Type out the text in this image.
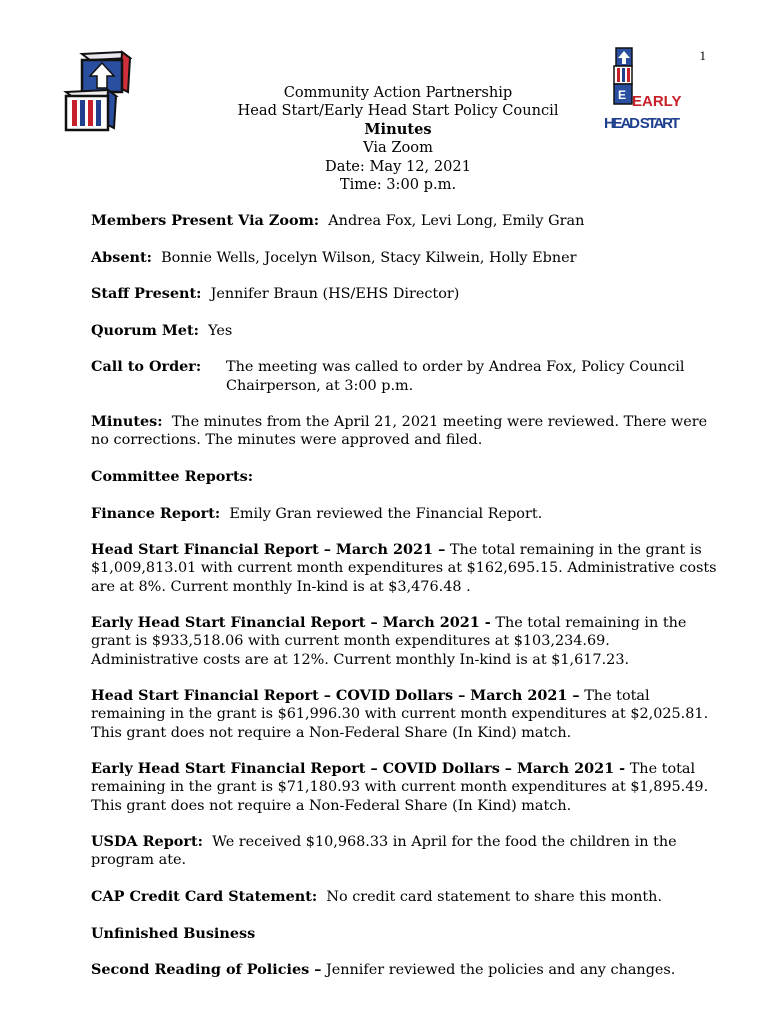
1
E EARLY
HEAD START
Community Action Partnership
Head Start/Early Head Start Policy Council
Minutes
Via Zoom
Date: May 12, 2021
Time: 3:00 p.m.

Members Present Via Zoom: Andrea Fox, Levi Long, Emily Gran

Absent: Bonnie Wells, Jocelyn Wilson, Stacy Kilwein, Holly Ebner

Staff Present: Jennifer Braun (HS/EHS Director)

Quorum Met: Yes

Call to Order:	The meeting was called to order by Andrea Fox, Policy Council Chairperson, at 3:00 p.m.

Minutes: The minutes from the April 21, 2021 meeting were reviewed. There were no corrections. The minutes were approved and filed.

Committee Reports:

Finance Report: Emily Gran reviewed the Financial Report.

Head Start Financial Report – March 2021 – The total remaining in the grant is $1,009,813.01 with current month expenditures at $162,695.15. Administrative costs are at 8%. Current monthly In-kind is at $3,476.48 .

Early Head Start Financial Report – March 2021 - The total remaining in the grant is $933,518.06 with current month expenditures at $103,234.69. Administrative costs are at 12%. Current monthly In-kind is at $1,617.23.

Head Start Financial Report – COVID Dollars – March 2021 – The total remaining in the grant is $61,996.30 with current month expenditures at $2,025.81. This grant does not require a Non-Federal Share (In Kind) match.

Early Head Start Financial Report – COVID Dollars – March 2021 - The total remaining in the grant is $71,180.93 with current month expenditures at $1,895.49. This grant does not require a Non-Federal Share (In Kind) match.

USDA Report: We received $10,968.33 in April for the food the children in the program ate.

CAP Credit Card Statement: No credit card statement to share this month.

Unfinished Business

Second Reading of Policies – Jennifer reviewed the policies and any changes.
